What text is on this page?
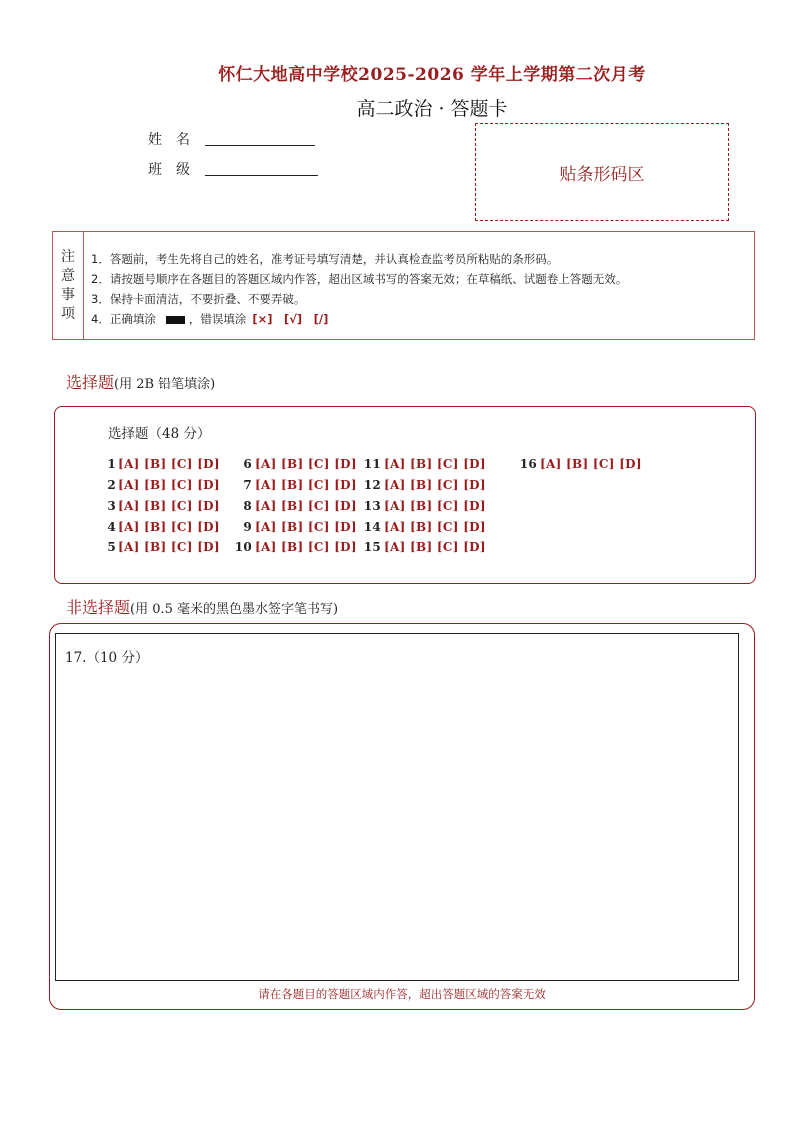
怀仁大地高中学校2025-2026 学年上学期第二次月考
高二政治 · 答题卡
姓　名
班　级	贴条形码区
注
意
事
项
1．答题前，考生先将自己的姓名，准考证号填写清楚，并认真检查监考员所粘贴的条形码。
2．请按题号顺序在各题目的答题区域内作答，超出区域书写的答案无效；在草稿纸、试题卷上答题无效。
3．保持卡面清洁，不要折叠、不要弄破。
4．正确填涂	，错误填涂 [×]　[√]　[/]
选择题(用 2B 铅笔填涂)
选择题（48 分）
1 [A] [B] [C] [D]
2 [A] [B] [C] [D]
3 [A] [B] [C] [D]
4 [A] [B] [C] [D]
5 [A] [B] [C] [D]
6 [A] [B] [C] [D]
7 [A] [B] [C] [D]
8 [A] [B] [C] [D]
9 [A] [B] [C] [D]
10 [A] [B] [C] [D]
11 [A] [B] [C] [D]
12 [A] [B] [C] [D]
13 [A] [B] [C] [D]
14 [A] [B] [C] [D]
15 [A] [B] [C] [D]
16 [A] [B] [C] [D]
非选择题(用 0.5 毫米的黑色墨水签字笔书写)
17.（10 分）
请在各题目的答题区域内作答，超出答题区域的答案无效
